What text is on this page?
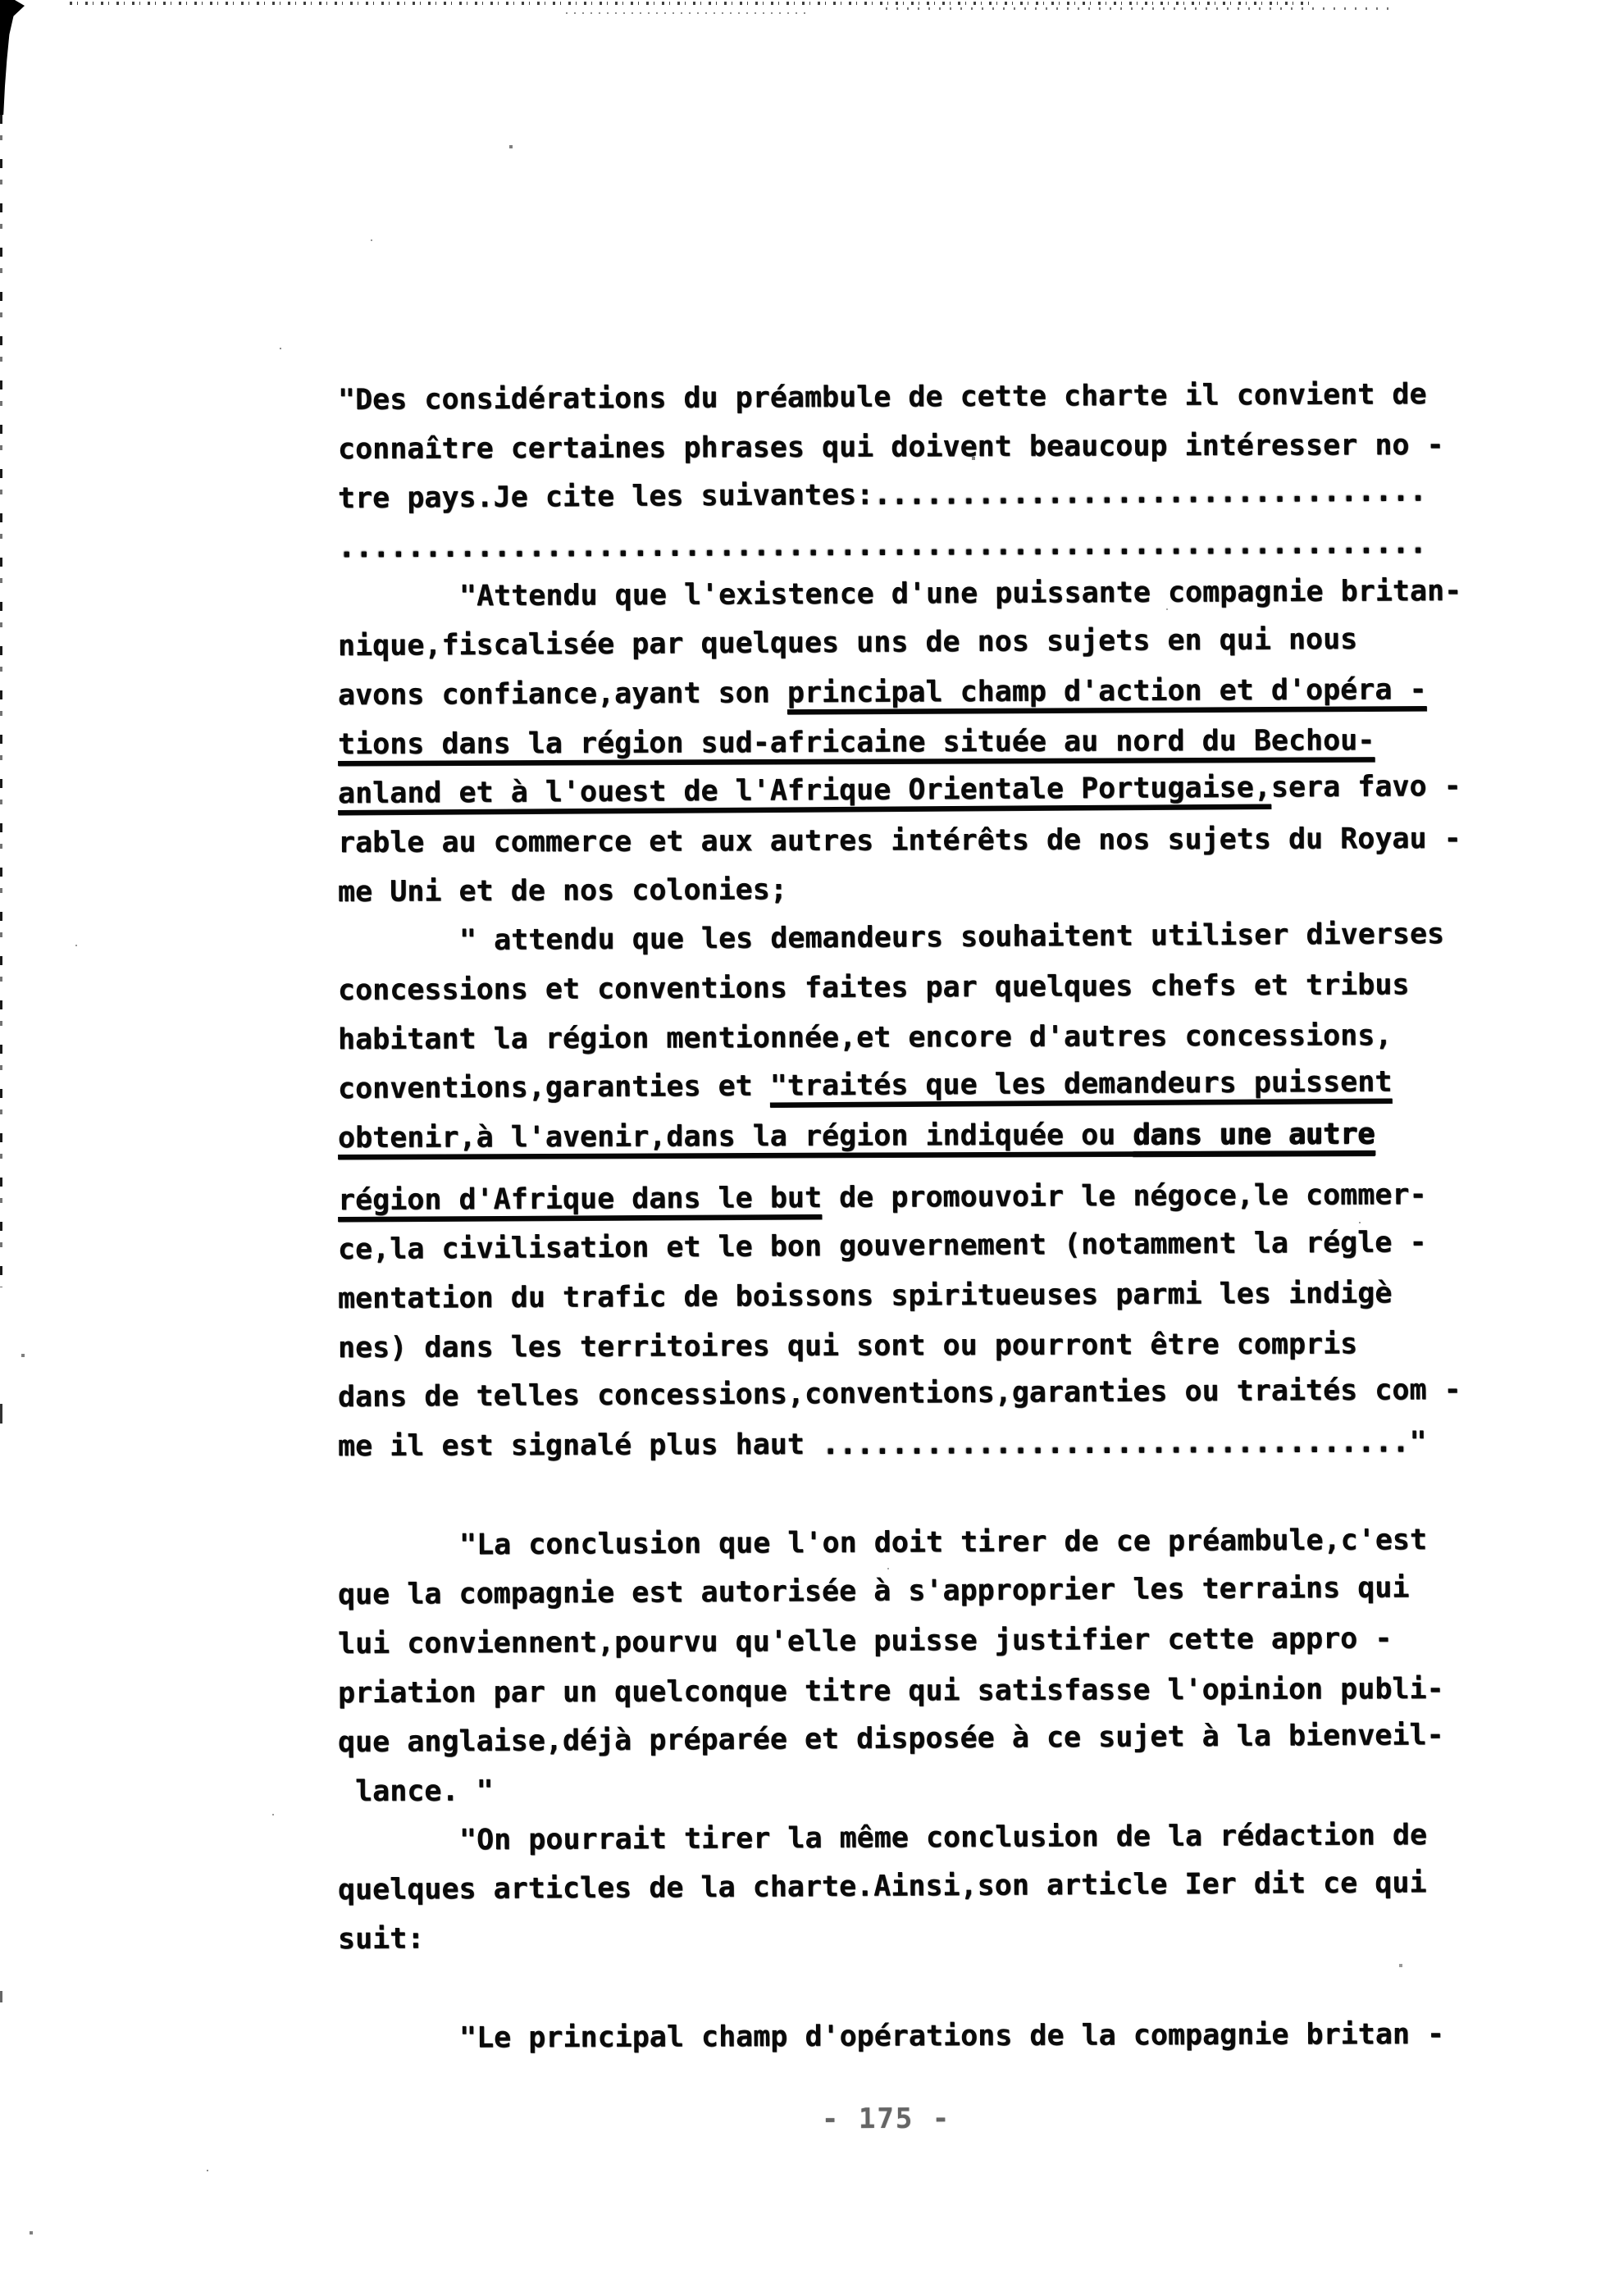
"Des considérations du préambule de cette charte il convient de
connaître certaines phrases qui doivent beaucoup intéresser no -
tre pays.Je cite les suivantes:................................
...............................................................
"Attendu que l'existence d'une puissante compagnie britan-
nique,fiscalisée par quelques uns de nos sujets en qui nous
avons confiance,ayant son principal champ d'action et d'opéra -
tions dans la région sud-africaine située au nord du Bechou-
anland et à l'ouest de l'Afrique Orientale Portugaise,sera favo -
rable au commerce et aux autres intérêts de nos sujets du Royau -
me Uni et de nos colonies;
" attendu que les demandeurs souhaitent utiliser diverses
concessions et conventions faites par quelques chefs et tribus
habitant la région mentionnée,et encore d'autres concessions,
conventions,garanties et "traités que les demandeurs puissent
obtenir,à l'avenir,dans la région indiquée ou dans une autre
région d'Afrique dans le but de promouvoir le négoce,le commer-
ce,la civilisation et le bon gouvernement (notamment la régle -
mentation du trafic de boissons spiritueuses parmi les indigè
nes) dans les territoires qui sont ou pourront être compris
dans de telles concessions,conventions,garanties ou traités com -
me il est signalé plus haut .................................."
"La conclusion que l'on doit tirer de ce préambule,c'est
que la compagnie est autorisée à s'approprier les terrains qui
lui conviennent,pourvu qu'elle puisse justifier cette appro -
priation par un quelconque titre qui satisfasse l'opinion publi-
que anglaise,déjà préparée et disposée à ce sujet à la bienveil-
lance. "
"On pourrait tirer la même conclusion de la rédaction de
quelques articles de la charte.Ainsi,son article Ier dit ce qui
suit:
"Le principal champ d'opérations de la compagnie britan -
- 175 -
